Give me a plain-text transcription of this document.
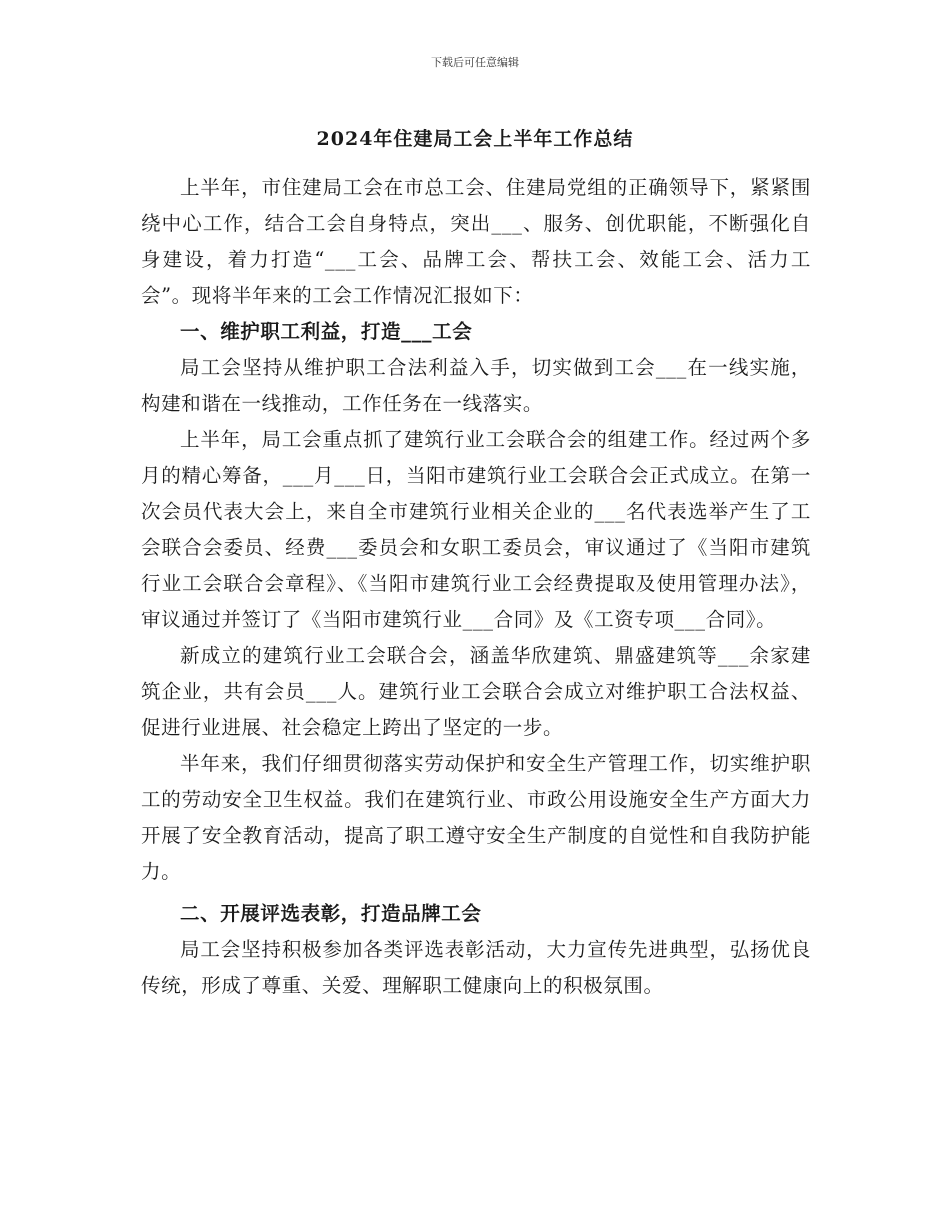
下载后可任意编辑
2024年住建局工会上半年工作总结

上半年，市住建局工会在市总工会、住建局党组的正确领导下，紧紧围绕中心工作，结合工会自身特点，突出___、服务、创优职能，不断强化自身建设，着力打造“___工会、品牌工会、帮扶工会、效能工会、活力工会”。现将半年来的工会工作情况汇报如下：

一、维护职工利益，打造___工会

局工会坚持从维护职工合法利益入手，切实做到工会___在一线实施，构建和谐在一线推动，工作任务在一线落实。

上半年，局工会重点抓了建筑行业工会联合会的组建工作。经过两个多月的精心筹备，___月___日，当阳市建筑行业工会联合会正式成立。在第一次会员代表大会上，来自全市建筑行业相关企业的___名代表选举产生了工会联合会委员、经费___委员会和女职工委员会，审议通过了《当阳市建筑行业工会联合会章程》、《当阳市建筑行业工会经费提取及使用管理办法》，审议通过并签订了《当阳市建筑行业___合同》及《工资专项___合同》。

新成立的建筑行业工会联合会，涵盖华欣建筑、鼎盛建筑等___余家建筑企业，共有会员___人。建筑行业工会联合会成立对维护职工合法权益、促进行业进展、社会稳定上跨出了坚定的一步。

半年来，我们仔细贯彻落实劳动保护和安全生产管理工作，切实维护职工的劳动安全卫生权益。我们在建筑行业、市政公用设施安全生产方面大力开展了安全教育活动，提高了职工遵守安全生产制度的自觉性和自我防护能力。

二、开展评选表彰，打造品牌工会

局工会坚持积极参加各类评选表彰活动，大力宣传先进典型，弘扬优良传统，形成了尊重、关爱、理解职工健康向上的积极氛围。
